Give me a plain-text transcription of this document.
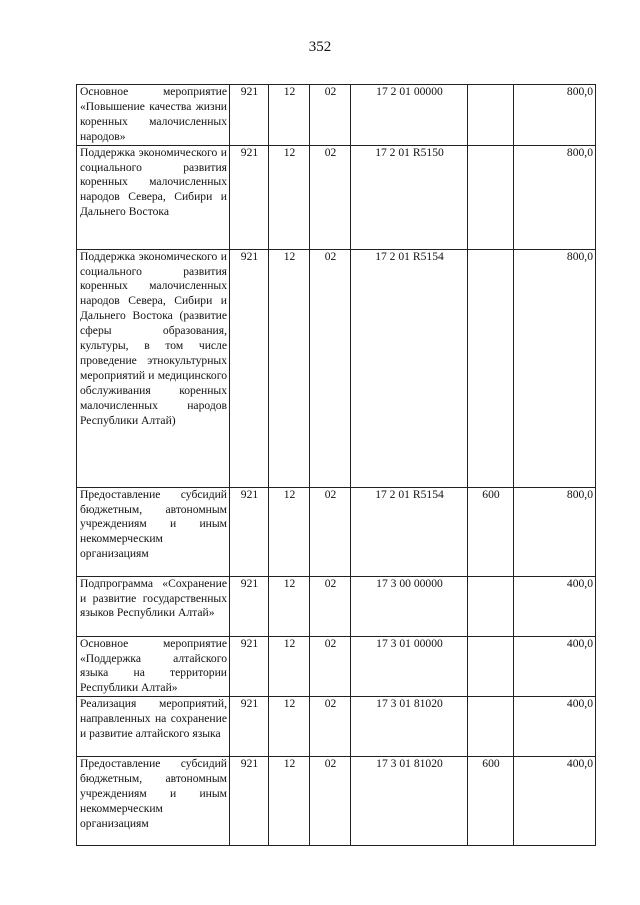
352
Основное мероприятие «Повышение качества жизни коренных малочисленных народов»	921	12	02	17 2 01 00000		800,0
Поддержка экономического и социального развития коренных малочисленных народов Севера, Сибири и Дальнего Востока	921	12	02	17 2 01 R5150		800,0
Поддержка экономического и социального развития коренных малочисленных народов Севера, Сибири и Дальнего Востока (развитие сферы образования, культуры, в том числе проведение этнокультурных мероприятий и медицинского обслуживания коренных малочисленных народов Республики Алтай)	921	12	02	17 2 01 R5154		800,0
Предоставление субсидий бюджетным, автономным учреждениям и иным некоммерческим организациям	921	12	02	17 2 01 R5154	600	800,0
Подпрограмма «Сохранение и развитие государственных языков Республики Алтай»	921	12	02	17 3 00 00000		400,0
Основное мероприятие «Поддержка алтайского языка на территории Республики Алтай»	921	12	02	17 3 01 00000		400,0
Реализация мероприятий, направленных на сохранение и развитие алтайского языка	921	12	02	17 3 01 81020		400,0
Предоставление субсидий бюджетным, автономным учреждениям и иным некоммерческим организациям	921	12	02	17 3 01 81020	600	400,0
